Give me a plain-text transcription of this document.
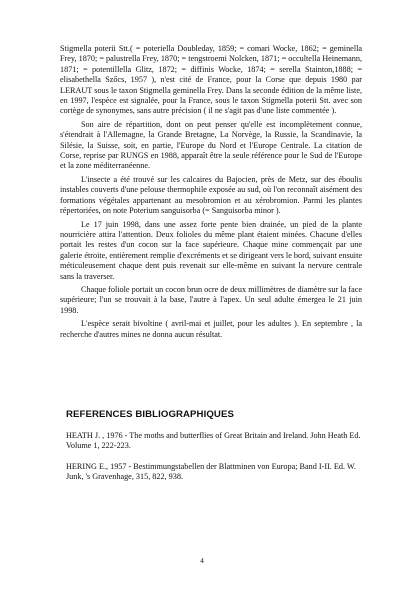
Stigmella poterii Stt.( = poteriella Doubleday, 1859; = comari Wocke, 1862; = geminella Frey, 1870; = palustrella Frey, 1870; = tengstroemi Nolcken, 1871; = occultella Heinemann, 1871; = potentillella Glitz, 1872; = diffinis Wocke, 1874; = serella Stainton,1888; = elisabethella Szőcs, 1957 ), n'est cité de France, pour la Corse que depuis 1980 par LERAUT sous le taxon Stigmella geminella Frey. Dans la seconde édition de la même liste, en 1997, l'espèce est signalée, pour la France, sous le taxon Stigmella poterii Stt. avec son cortège de synonymes, sans autre précision ( il ne s'agit pas d'une liste commentée ).

Son aire de répartition, dont on peut penser qu'elle est incomplètement connue, s'étendrait à l'Allemagne, la Grande Bretagne, La Norvège, la Russie, la Scandinavie, la Silésie, la Suisse, soit, en partie, l'Europe du Nord et l'Europe Centrale. La citation de Corse, reprise par RUNGS en 1988, apparaît être la seule référence pour le Sud de l'Europe et la zone méditerranéenne.

L'insecte a été trouvé sur les calcaires du Bajocien, près de Metz, sur des éboulis instables couverts d'une pelouse thermophile exposée au sud, où l'on reconnaît aisément des formations végétales appartenant au mesobromion et au xérobromion. Parmi les plantes répertoriées, on note Poterium sanguisorba (= Sanguisorba minor ).

Le 17 juin 1998, dans une assez forte pente bien drainée, un pied de la plante nourricière attira l'attention. Deux folioles du même plant étaient minées. Chacune d'elles portait les restes d'un cocon sur la face supérieure. Chaque mine commençait par une galerie étroite, entièrement remplie d'excréments et se dirigeant vers le bord, suivant ensuite méticuleusement chaque dent puis revenait sur elle-même en suivant la nervure centrale sans la traverser.

Chaque foliole portait un cocon brun ocre de deux millimètres de diamètre sur la face supérieure; l'un se trouvait à la base, l'autre à l'apex. Un seul adulte émergea le 21 juin 1998.

L'espèce serait bivoltine ( avril-mai et juillet, pour les adultes ). En septembre , la recherche d'autres mines ne donna aucun résultat.

REFERENCES BIBLIOGRAPHIQUES
HEATH J. , 1976 - The moths and butterflies of Great Britain and Ireland. John Heath Ed. Volume 1, 222-223.
HERING E., 1957 - Bestimmungstabellen der Blattminen von Europa; Band I-II. Ed. W. Junk, 's Gravenhage, 315, 822, 938.
4
